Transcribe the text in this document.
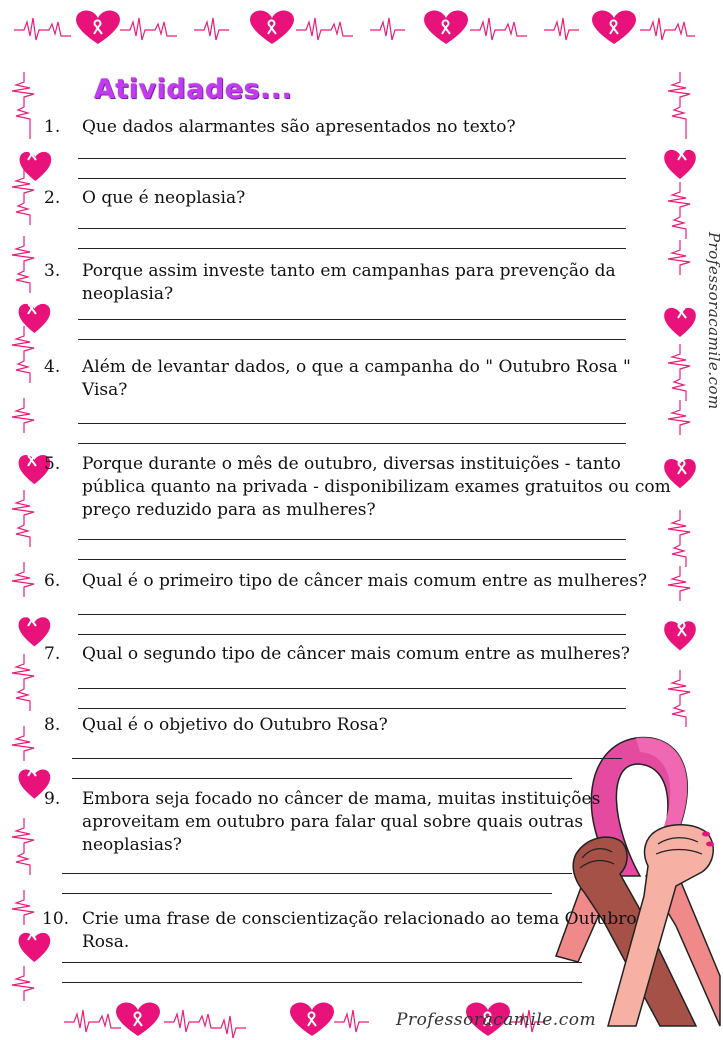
Atividades...
1. Que dados alarmantes são apresentados no texto?
2. O que é neoplasia?
3. Porque assim investe tanto em campanhas para prevenção da neoplasia?
4. Além de levantar dados, o que a campanha do " Outubro Rosa " Visa?
5. Porque durante o mês de outubro, diversas instituições - tanto pública quanto na privada - disponibilizam exames gratuitos ou com preço reduzido para as mulheres?
6. Qual é o primeiro tipo de câncer mais comum entre as mulheres?
7. Qual o segundo tipo de câncer mais comum entre as mulheres?
8. Qual é o objetivo do Outubro Rosa?
9. Embora seja focado no câncer de mama, muitas instituições aproveitam em outubro para falar qual sobre quais outras neoplasias?
10. Crie uma frase de conscientização relacionado ao tema Outubro Rosa.
Professoracamile.com
Professoracamile.com
